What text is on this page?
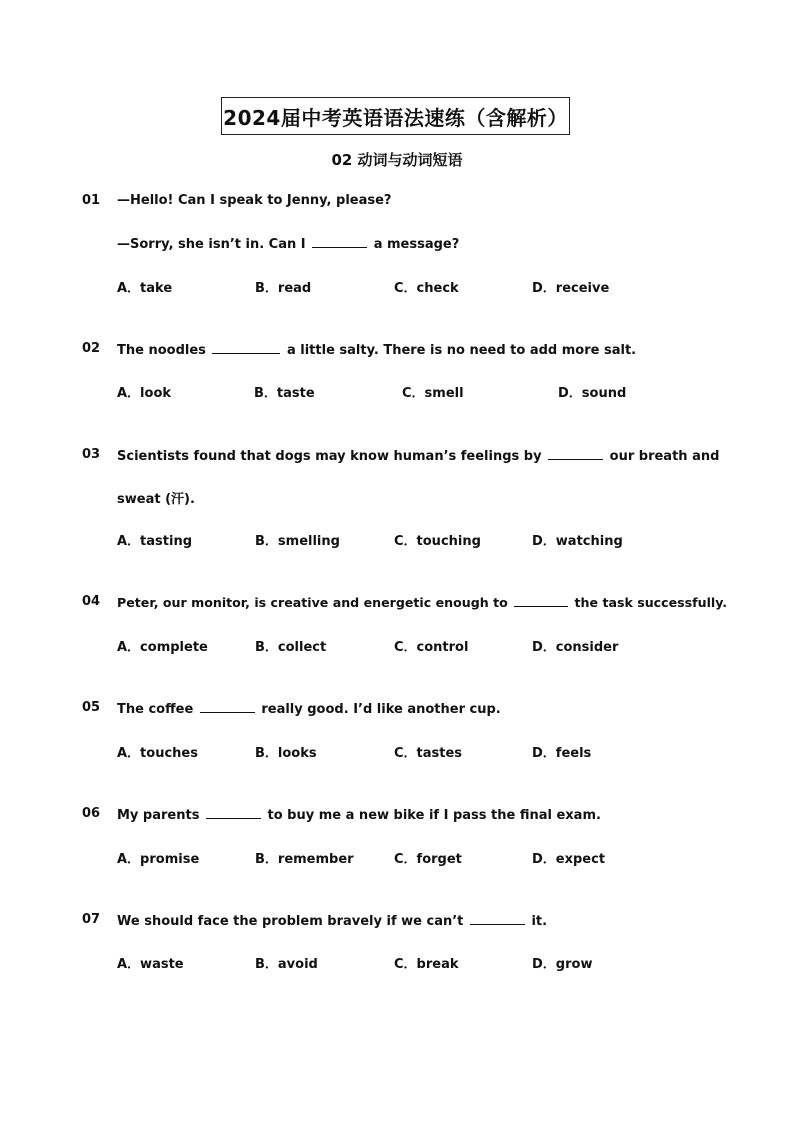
2024届中考英语语法速练（含解析）
02 动词与动词短语
01 —Hello! Can I speak to Jenny, please?
—Sorry, she isn’t in. Can I	a message?
A．take	B．read	C．check	D．receive
02 The noodles	a little salty. There is no need to add more salt.
A．look	B．taste	C．smell	D．sound
03 Scientists found that dogs may know human’s feelings by	our breath and
sweat (汗).
A．tasting	B．smelling	C．touching	D．watching
04 Peter, our monitor, is creative and energetic enough to	the task successfully.
A．complete	B．collect	C．control	D．consider
05 The coffee	really good. I’d like another cup.
A．touches	B．looks	C．tastes	D．feels
06 My parents	to buy me a new bike if I pass the final exam.
A．promise	B．remember	C．forget	D．expect
07 We should face the problem bravely if we can’t	it.
A．waste	B．avoid	C．break	D．grow
